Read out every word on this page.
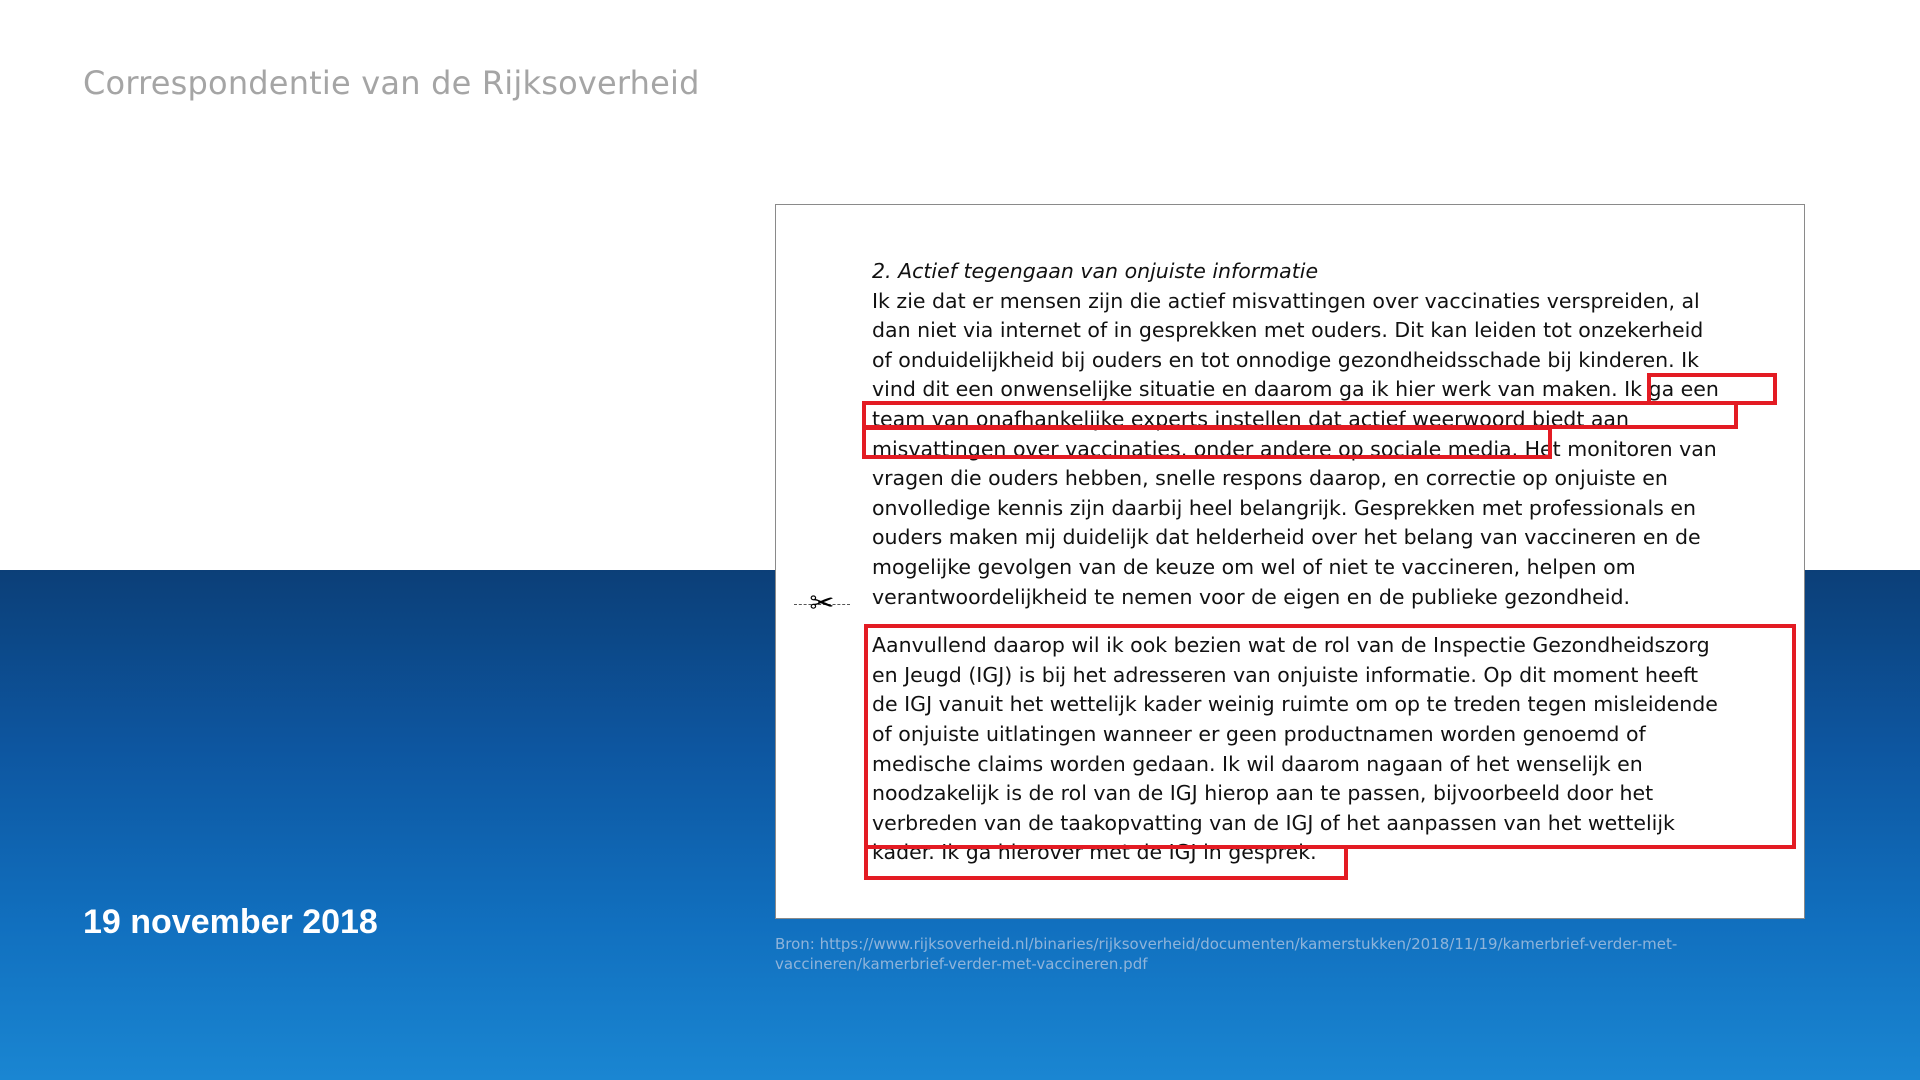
Correspondentie van de Rijksoverheid
✂
2. Actief tegengaan van onjuiste informatie
Ik zie dat er mensen zijn die actief misvattingen over vaccinaties verspreiden, al
dan niet via internet of in gesprekken met ouders. Dit kan leiden tot onzekerheid
of onduidelijkheid bij ouders en tot onnodige gezondheidsschade bij kinderen. Ik
vind dit een onwenselijke situatie en daarom ga ik hier werk van maken. Ik ga een
team van onafhankelijke experts instellen dat actief weerwoord biedt aan
misvattingen over vaccinaties, onder andere op sociale media. Het monitoren van
vragen die ouders hebben, snelle respons daarop, en correctie op onjuiste en
onvolledige kennis zijn daarbij heel belangrijk. Gesprekken met professionals en
ouders maken mij duidelijk dat helderheid over het belang van vaccineren en de
mogelijke gevolgen van de keuze om wel of niet te vaccineren, helpen om
verantwoordelijkheid te nemen voor de eigen en de publieke gezondheid.
Aanvullend daarop wil ik ook bezien wat de rol van de Inspectie Gezondheidszorg
en Jeugd (IGJ) is bij het adresseren van onjuiste informatie. Op dit moment heeft
de IGJ vanuit het wettelijk kader weinig ruimte om op te treden tegen misleidende
of onjuiste uitlatingen wanneer er geen productnamen worden genoemd of
medische claims worden gedaan. Ik wil daarom nagaan of het wenselijk en
noodzakelijk is de rol van de IGJ hierop aan te passen, bijvoorbeeld door het
verbreden van de taakopvatting van de IGJ of het aanpassen van het wettelijk
kader. Ik ga hierover met de IGJ in gesprek.
19 november 2018
Bron: https://www.rijksoverheid.nl/binaries/rijksoverheid/documenten/kamerstukken/2018/11/19/kamerbrief-verder-met-vaccineren/kamerbrief-verder-met-vaccineren.pdf
